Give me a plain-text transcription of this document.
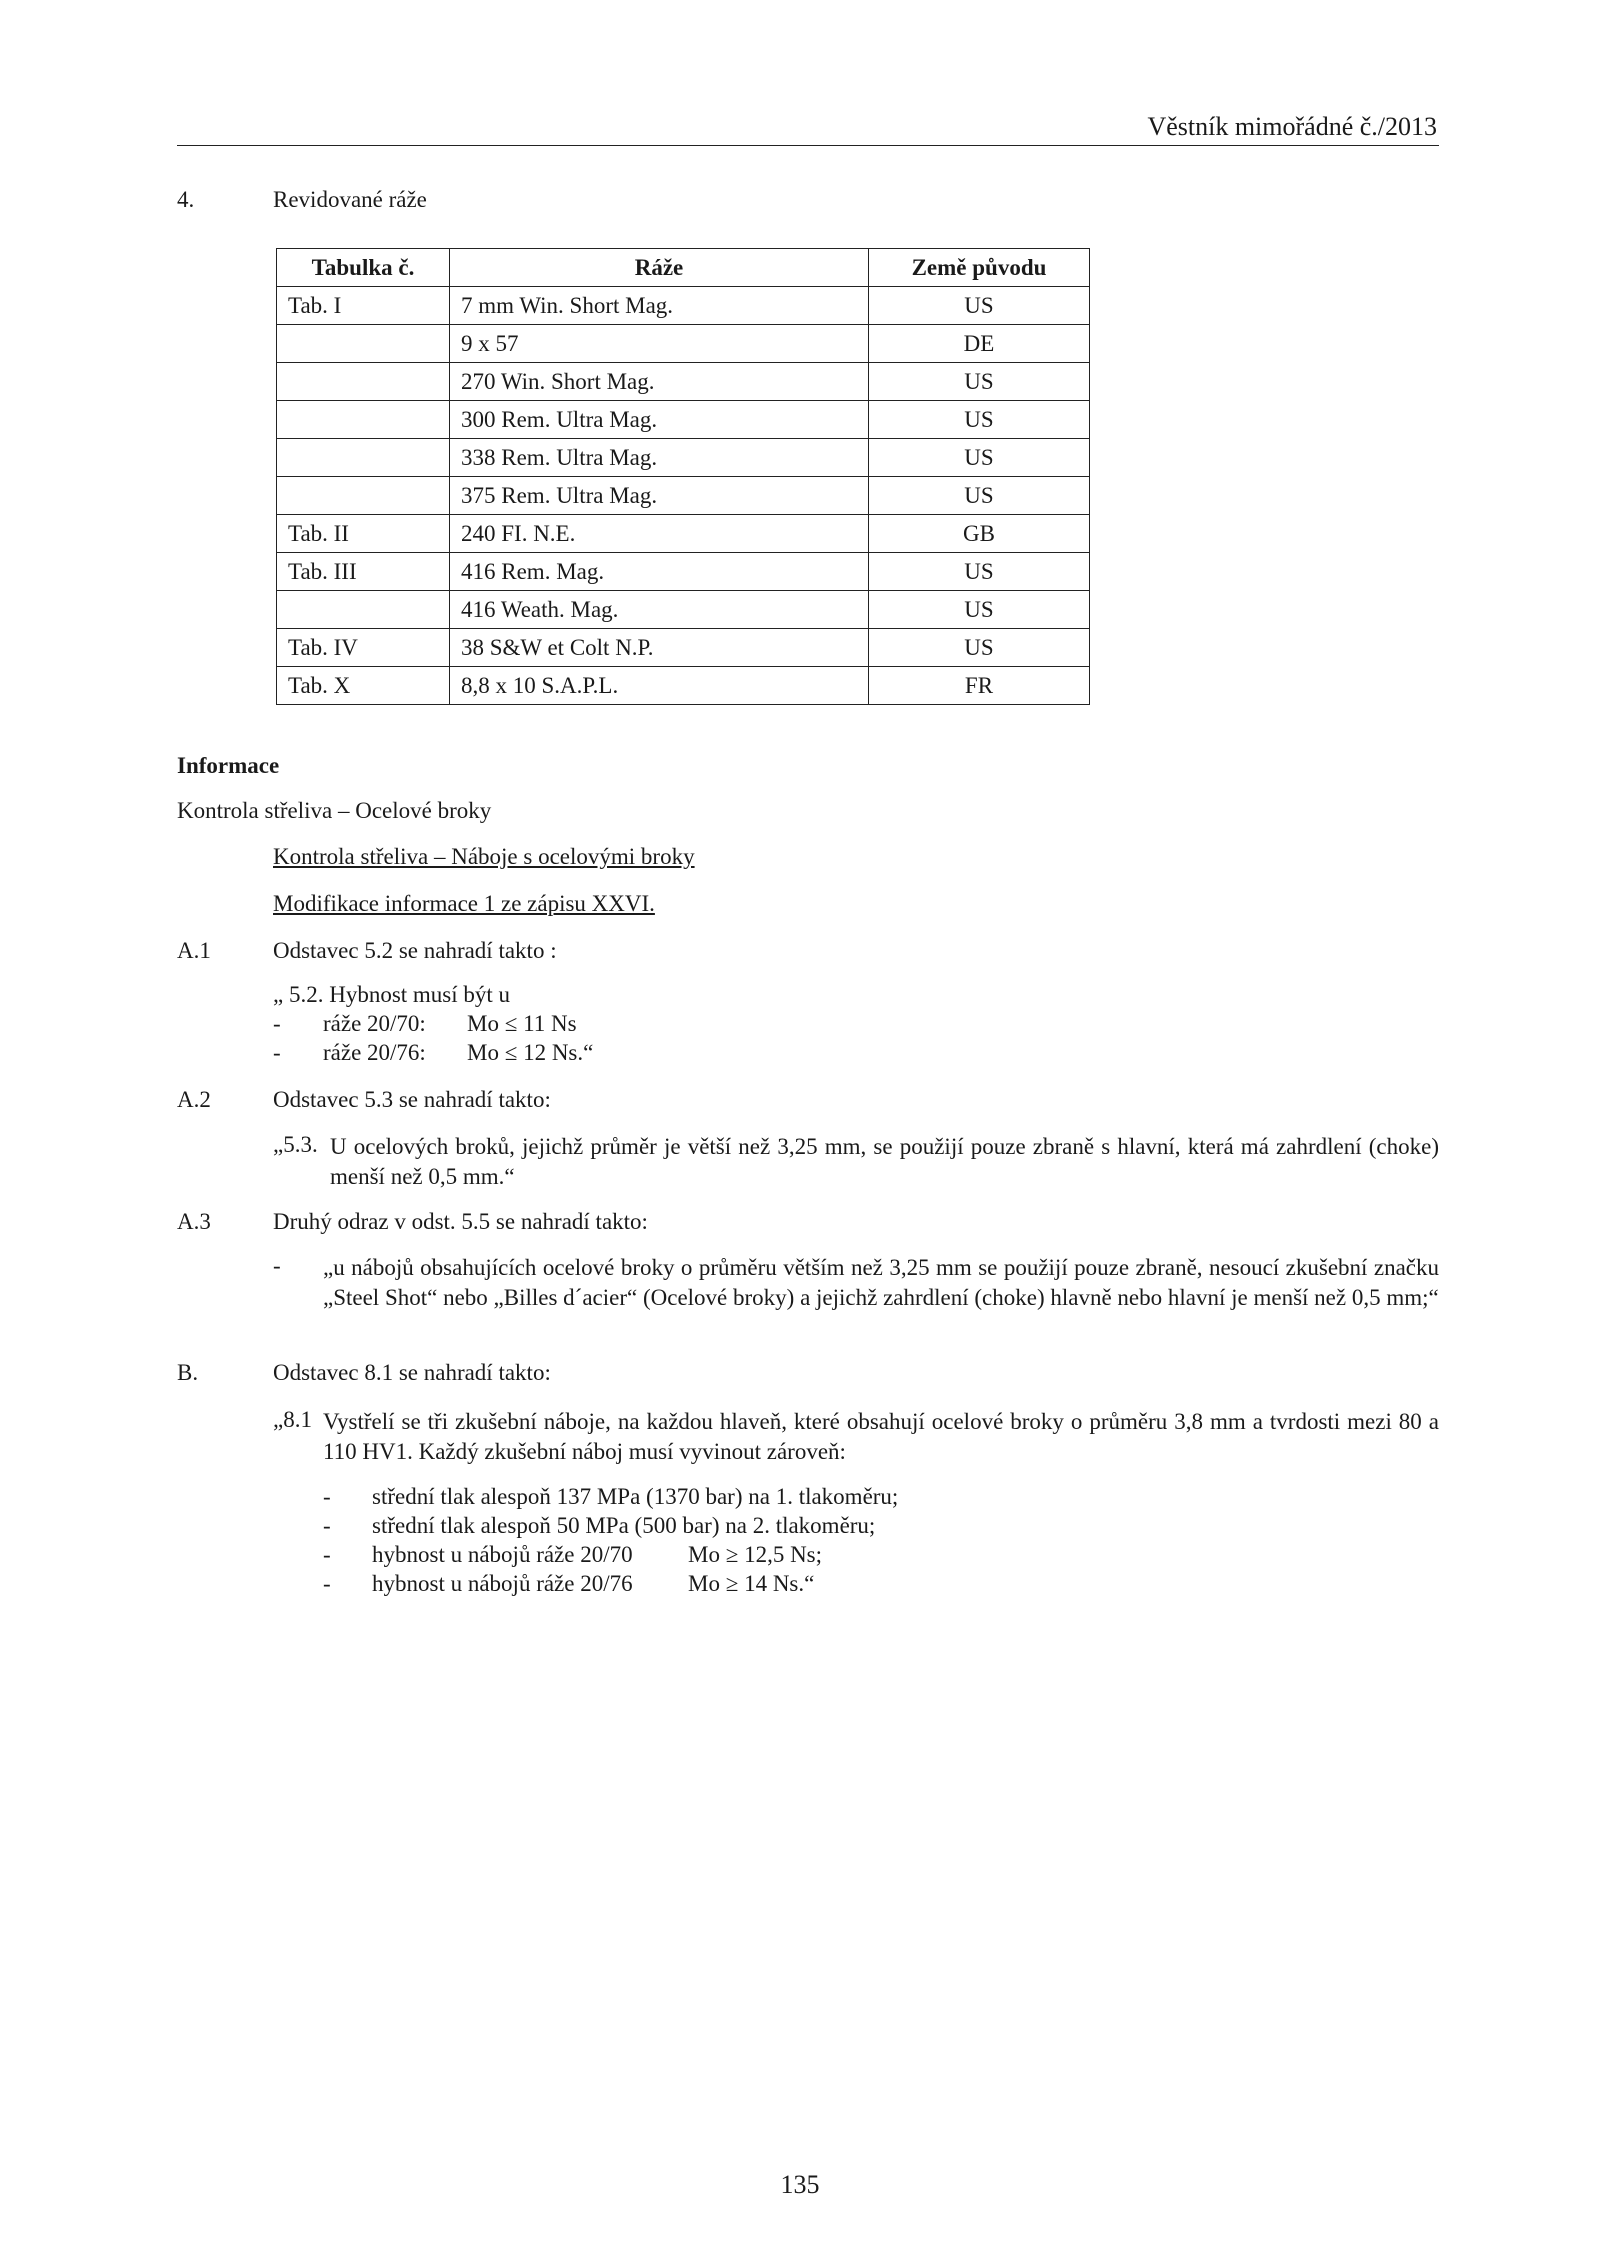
Věstník mimořádné č./2013
4.	Revidované ráže
Tabulka č.	Ráže	Země původu
Tab. I	7 mm Win. Short Mag.	US
	9 x 57	DE
	270 Win. Short Mag.	US
	300 Rem. Ultra Mag.	US
	338 Rem. Ultra Mag.	US
	375 Rem. Ultra Mag.	US
Tab. II	240 FI. N.E.	GB
Tab. III	416 Rem. Mag.	US
	416 Weath. Mag.	US
Tab. IV	38 S&W et Colt N.P.	US
Tab. X	8,8 x 10 S.A.P.L.	FR
Informace
Kontrola střeliva – Ocelové broky
Kontrola střeliva – Náboje s ocelovými broky
Modifikace informace 1 ze zápisu XXVI.
A.1	Odstavec 5.2 se nahradí takto :
„ 5.2. Hybnost musí být u
- ráže 20/70: Mo ≤ 11 Ns
- ráže 20/76: Mo ≤ 12 Ns.“
A.2	Odstavec 5.3 se nahradí takto:
„5.3. U ocelových broků, jejichž průměr je větší než 3,25 mm, se použijí pouze zbraně s hlavní, která má zahrdlení (choke) menší než 0,5 mm.“
A.3	Druhý odraz v odst. 5.5 se nahradí takto:
- „u nábojů obsahujících ocelové broky o průměru větším než 3,25 mm se použijí pouze zbraně, nesoucí zkušební značku „Steel Shot“ nebo „Billes d´acier“ (Ocelové broky) a jejichž zahrdlení (choke) hlavně nebo hlavní je menší než 0,5 mm;“
B.	Odstavec 8.1 se nahradí takto:
„8.1 Vystřelí se tři zkušební náboje, na každou hlaveň, které obsahují ocelové broky o průměru 3,8 mm a tvrdosti mezi 80 a 110 HV1. Každý zkušební náboj musí vyvinout zároveň:
- střední tlak alespoň 137 MPa (1370 bar) na 1. tlakoměru;
- střední tlak alespoň 50 MPa (500 bar) na 2. tlakoměru;
- hybnost u nábojů ráže 20/70 Mo ≥ 12,5 Ns;
- hybnost u nábojů ráže 20/76 Mo ≥ 14 Ns.“
135
